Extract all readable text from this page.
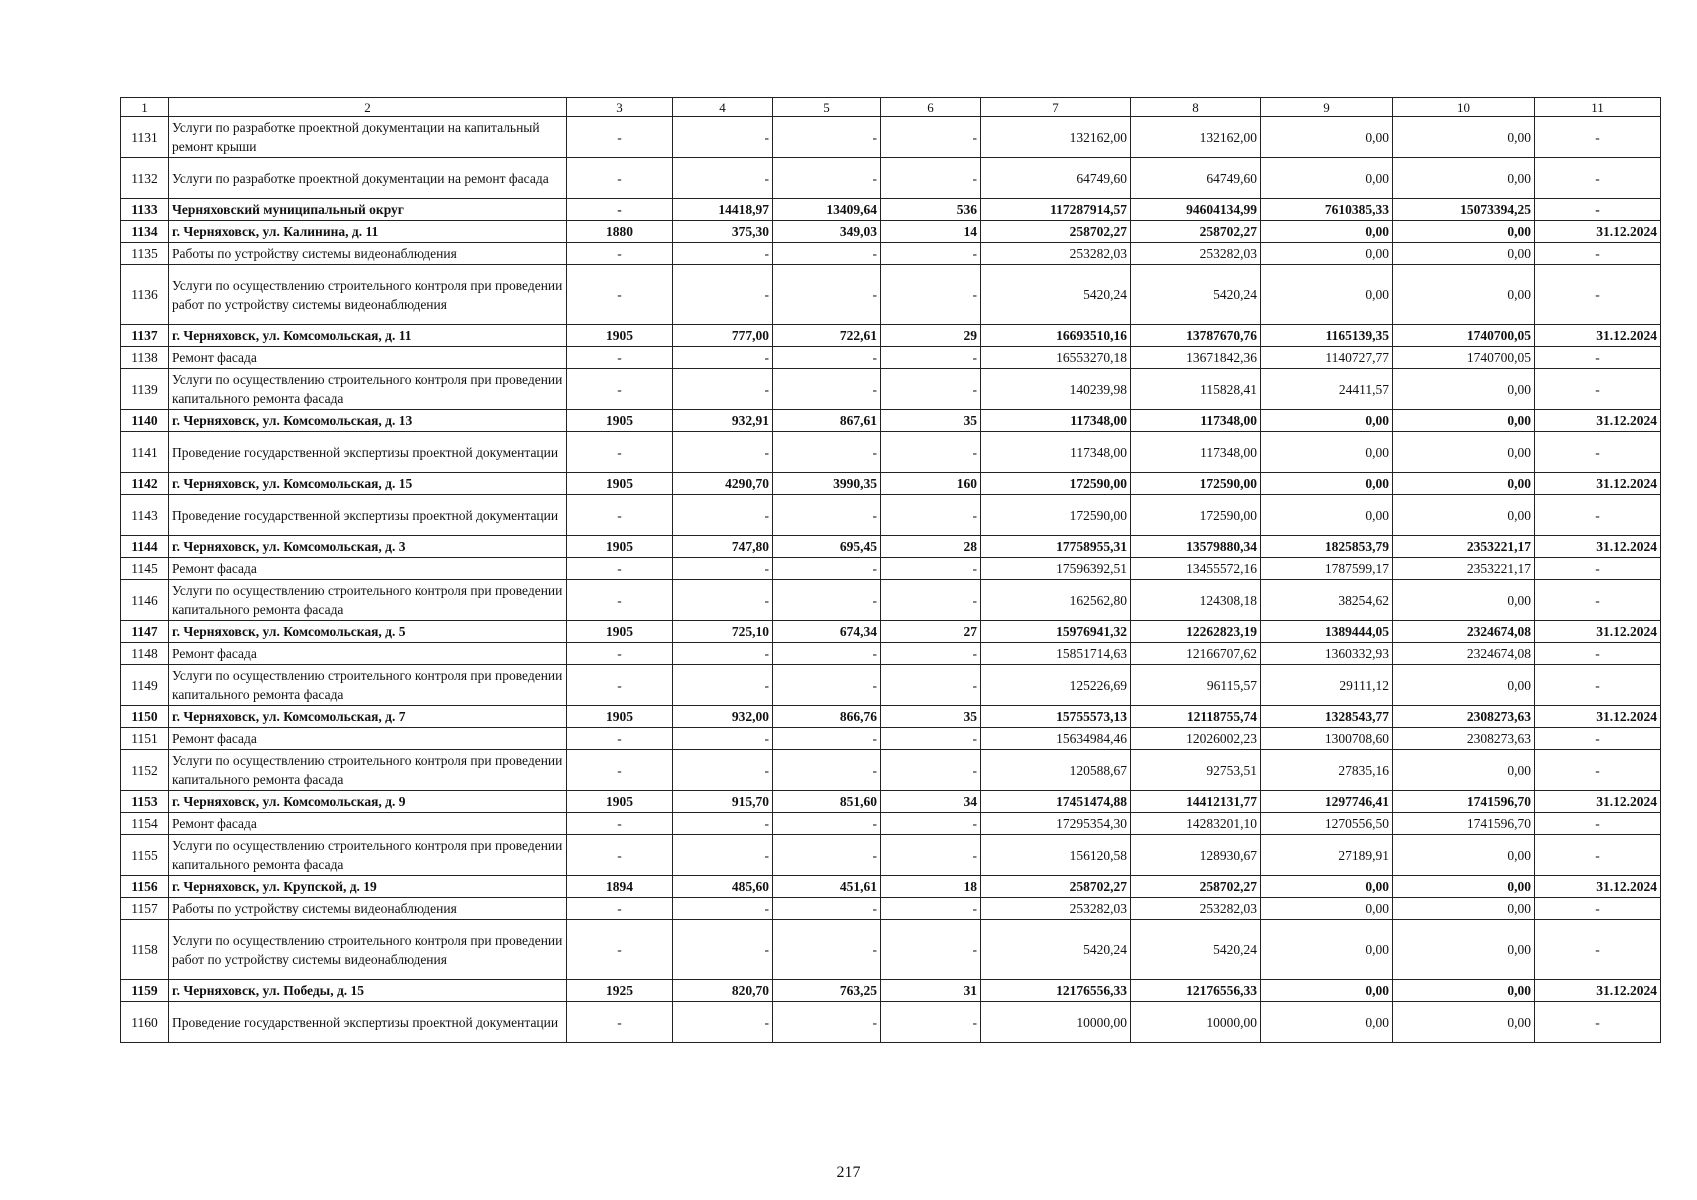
1	2	3	4	5	6	7	8	9	10	11
1131	Услуги по разработке проектной документации на капитальный ремонт крыши	-	-	-	-	132162,00	132162,00	0,00	0,00	-
1132	Услуги по разработке проектной документации на ремонт фасада	-	-	-	-	64749,60	64749,60	0,00	0,00	-
1133	Черняховский муниципальный округ	-	14418,97	13409,64	536	117287914,57	94604134,99	7610385,33	15073394,25	-
1134	г. Черняховск, ул. Калинина, д. 11	1880	375,30	349,03	14	258702,27	258702,27	0,00	0,00	31.12.2024
1135	Работы по устройству системы видеонаблюдения	-	-	-	-	253282,03	253282,03	0,00	0,00	-
1136	Услуги по осуществлению строительного контроля при проведении работ по устройству системы видеонаблюдения	-	-	-	-	5420,24	5420,24	0,00	0,00	-
1137	г. Черняховск, ул. Комсомольская, д. 11	1905	777,00	722,61	29	16693510,16	13787670,76	1165139,35	1740700,05	31.12.2024
1138	Ремонт фасада	-	-	-	-	16553270,18	13671842,36	1140727,77	1740700,05	-
1139	Услуги по осуществлению строительного контроля при проведении капитального ремонта фасада	-	-	-	-	140239,98	115828,41	24411,57	0,00	-
1140	г. Черняховск, ул. Комсомольская, д. 13	1905	932,91	867,61	35	117348,00	117348,00	0,00	0,00	31.12.2024
1141	Проведение государственной экспертизы проектной документации	-	-	-	-	117348,00	117348,00	0,00	0,00	-
1142	г. Черняховск, ул. Комсомольская, д. 15	1905	4290,70	3990,35	160	172590,00	172590,00	0,00	0,00	31.12.2024
1143	Проведение государственной экспертизы проектной документации	-	-	-	-	172590,00	172590,00	0,00	0,00	-
1144	г. Черняховск, ул. Комсомольская, д. 3	1905	747,80	695,45	28	17758955,31	13579880,34	1825853,79	2353221,17	31.12.2024
1145	Ремонт фасада	-	-	-	-	17596392,51	13455572,16	1787599,17	2353221,17	-
1146	Услуги по осуществлению строительного контроля при проведении капитального ремонта фасада	-	-	-	-	162562,80	124308,18	38254,62	0,00	-
1147	г. Черняховск, ул. Комсомольская, д. 5	1905	725,10	674,34	27	15976941,32	12262823,19	1389444,05	2324674,08	31.12.2024
1148	Ремонт фасада	-	-	-	-	15851714,63	12166707,62	1360332,93	2324674,08	-
1149	Услуги по осуществлению строительного контроля при проведении капитального ремонта фасада	-	-	-	-	125226,69	96115,57	29111,12	0,00	-
1150	г. Черняховск, ул. Комсомольская, д. 7	1905	932,00	866,76	35	15755573,13	12118755,74	1328543,77	2308273,63	31.12.2024
1151	Ремонт фасада	-	-	-	-	15634984,46	12026002,23	1300708,60	2308273,63	-
1152	Услуги по осуществлению строительного контроля при проведении капитального ремонта фасада	-	-	-	-	120588,67	92753,51	27835,16	0,00	-
1153	г. Черняховск, ул. Комсомольская, д. 9	1905	915,70	851,60	34	17451474,88	14412131,77	1297746,41	1741596,70	31.12.2024
1154	Ремонт фасада	-	-	-	-	17295354,30	14283201,10	1270556,50	1741596,70	-
1155	Услуги по осуществлению строительного контроля при проведении капитального ремонта фасада	-	-	-	-	156120,58	128930,67	27189,91	0,00	-
1156	г. Черняховск, ул. Крупской, д. 19	1894	485,60	451,61	18	258702,27	258702,27	0,00	0,00	31.12.2024
1157	Работы по устройству системы видеонаблюдения	-	-	-	-	253282,03	253282,03	0,00	0,00	-
1158	Услуги по осуществлению строительного контроля при проведении работ по устройству системы видеонаблюдения	-	-	-	-	5420,24	5420,24	0,00	0,00	-
1159	г. Черняховск, ул. Победы, д. 15	1925	820,70	763,25	31	12176556,33	12176556,33	0,00	0,00	31.12.2024
1160	Проведение государственной экспертизы проектной документации	-	-	-	-	10000,00	10000,00	0,00	0,00	-
217
